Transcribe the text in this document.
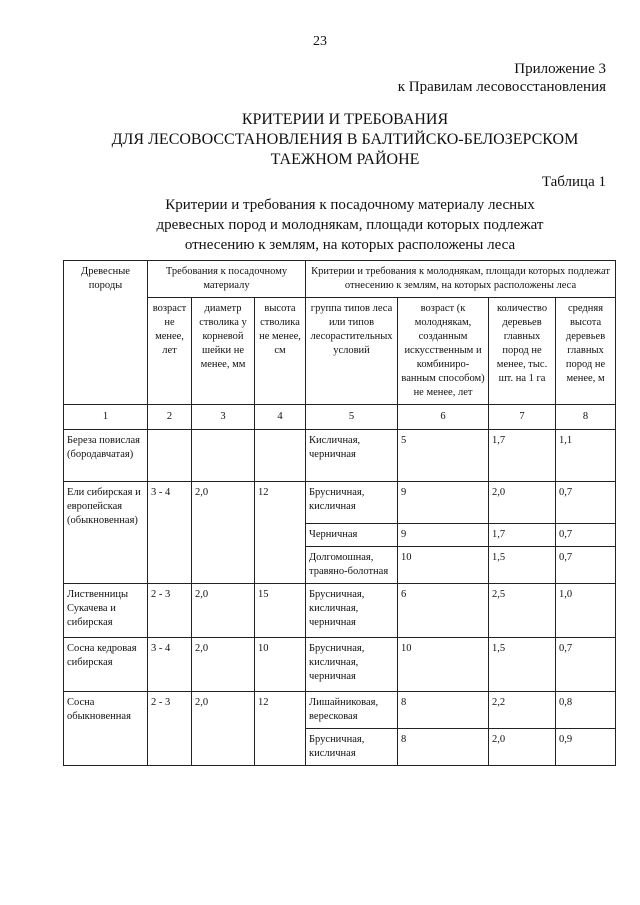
23
Приложение 3
к Правилам лесовосстановления
КРИТЕРИИ И ТРЕБОВАНИЯ
ДЛЯ ЛЕСОВОССТАНОВЛЕНИЯ В БАЛТИЙСКО-БЕЛОЗЕРСКОМ
ТАЕЖНОМ РАЙОНЕ
Таблица 1
Критерии и требования к посадочному материалу лесных
древесных пород и молоднякам, площади которых подлежат
отнесению к землям, на которых расположены леса
Древесные породы	Требования к посадочному материалу			Критерии и требования к молоднякам, площади которых подлежат отнесению к землям, на которых расположены леса			
	возраст не менее, лет	диаметр стволика у корневой шейки не менее, мм	высота стволика не менее, см	группа типов леса или типов лесорастительных условий	возраст (к молоднякам, созданным искусственным и комбиниро-ванным способом) не менее, лет	количество деревьев главных пород не менее, тыс. шт. на 1 га	средняя высота деревьев главных пород не менее, м
1	2	3	4	5	6	7	8
Береза повислая (бородавчатая)				Кисличная, черничная	5	1,7	1,1
Ели сибирская и европейская (обыкновенная)	3 - 4	2,0	12	Брусничная, кисличная	9	2,0	0,7
				Черничная	9	1,7	0,7
				Долгомошная, травяно-болотная	10	1,5	0,7
Лиственницы Сукачева и сибирская	2 - 3	2,0	15	Брусничная, кисличная, черничная	6	2,5	1,0
Сосна кедровая сибирская	3 - 4	2,0	10	Брусничная, кисличная, черничная	10	1,5	0,7
Сосна обыкновенная	2 - 3	2,0	12	Лишайниковая, вересковая	8	2,2	0,8
				Брусничная, кисличная	8	2,0	0,9
